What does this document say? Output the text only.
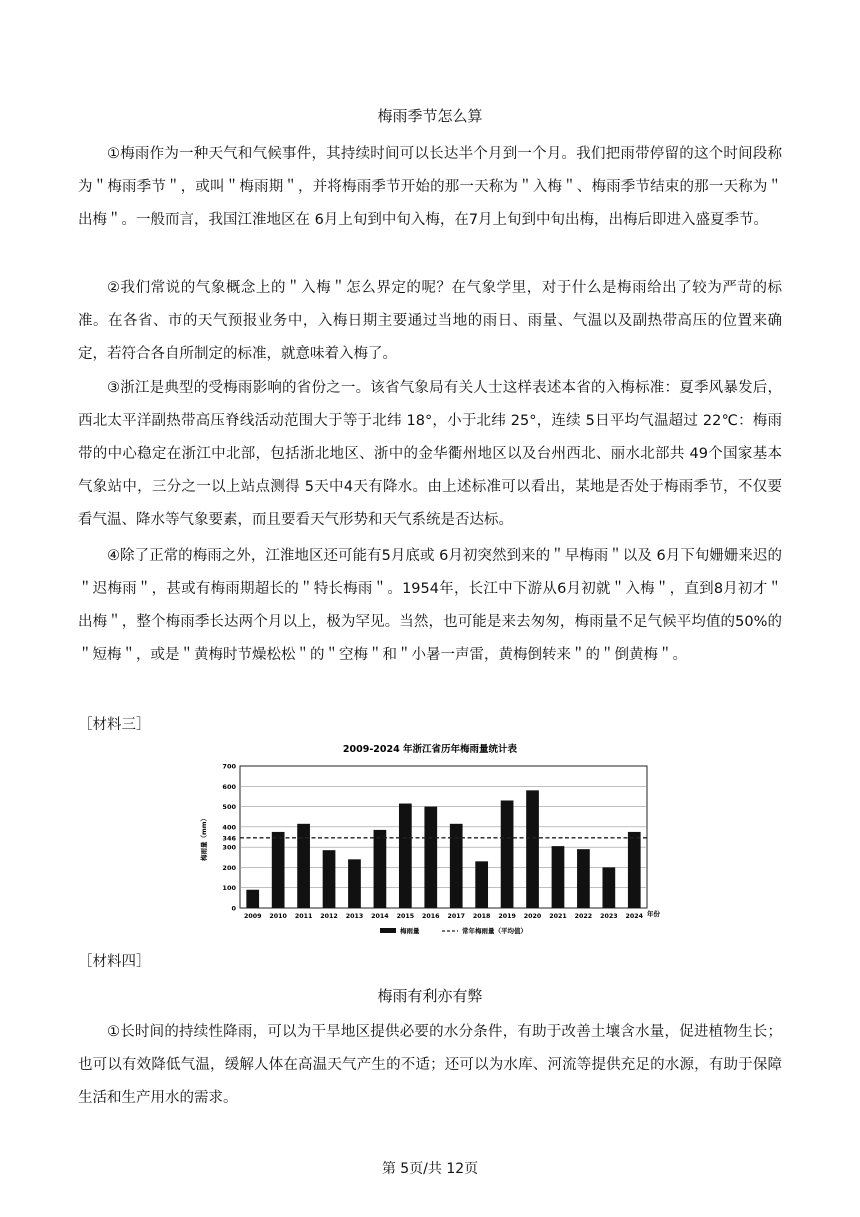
梅雨季节怎么算

①梅雨作为一种天气和气候事件，其持续时间可以长达半个月到一个月。我们把雨带停留的这个时间段称为＂梅雨季节＂，或叫＂梅雨期＂，并将梅雨季节开始的那一天称为＂入梅＂、梅雨季节结束的那一天称为＂出梅＂。一般而言，我国江淮地区在 6月上旬到中旬入梅，在7月上旬到中旬出梅，出梅后即进入盛夏季节。

②我们常说的气象概念上的＂入梅＂怎么界定的呢？在气象学里，对于什么是梅雨给出了较为严苛的标准。在各省、市的天气预报业务中，入梅日期主要通过当地的雨日、雨量、气温以及副热带高压的位置来确定，若符合各自所制定的标准，就意味着入梅了。

③浙江是典型的受梅雨影响的省份之一。该省气象局有关人士这样表述本省的入梅标准：夏季风暴发后，西北太平洋副热带高压脊线活动范围大于等于北纬 18°，小于北纬 25°，连续 5日平均气温超过 22℃：梅雨带的中心稳定在浙江中北部，包括浙北地区、浙中的金华衢州地区以及台州西北、丽水北部共 49个国家基本气象站中，三分之一以上站点测得 5天中4天有降水。由上述标准可以看出，某地是否处于梅雨季节，不仅要看气温、降水等气象要素，而且要看天气形势和天气系统是否达标。

④除了正常的梅雨之外，江淮地区还可能有5月底或 6月初突然到来的＂早梅雨＂以及 6月下旬姗姗来迟的＂迟梅雨＂，甚或有梅雨期超长的＂特长梅雨＂。1954年，长江中下游从6月初就＂入梅＂，直到8月初才＂出梅＂，整个梅雨季长达两个月以上，极为罕见。当然，也可能是来去匆匆，梅雨量不足气候平均值的50%的＂短梅＂，或是＂黄梅时节燥松松＂的＂空梅＂和＂小暑一声雷，黄梅倒转来＂的＂倒黄梅＂。

［材料三］
2009-2024 年浙江省历年梅雨量统计表
梅雨量（mm）
0
100
200
300
346
400
500
600
700
2009 2010 2011 2012 2013 2014 2015 2016 2017 2018 2019 2020 2021 2022 2023 2024 年份
梅雨量	常年梅雨量（平均值）
［材料四］
梅雨有利亦有弊

①长时间的持续性降雨，可以为干旱地区提供必要的水分条件，有助于改善土壤含水量，促进植物生长；也可以有效降低气温，缓解人体在高温天气产生的不适；还可以为水库、河流等提供充足的水源，有助于保障生活和生产用水的需求。

第 5页/共 12页
